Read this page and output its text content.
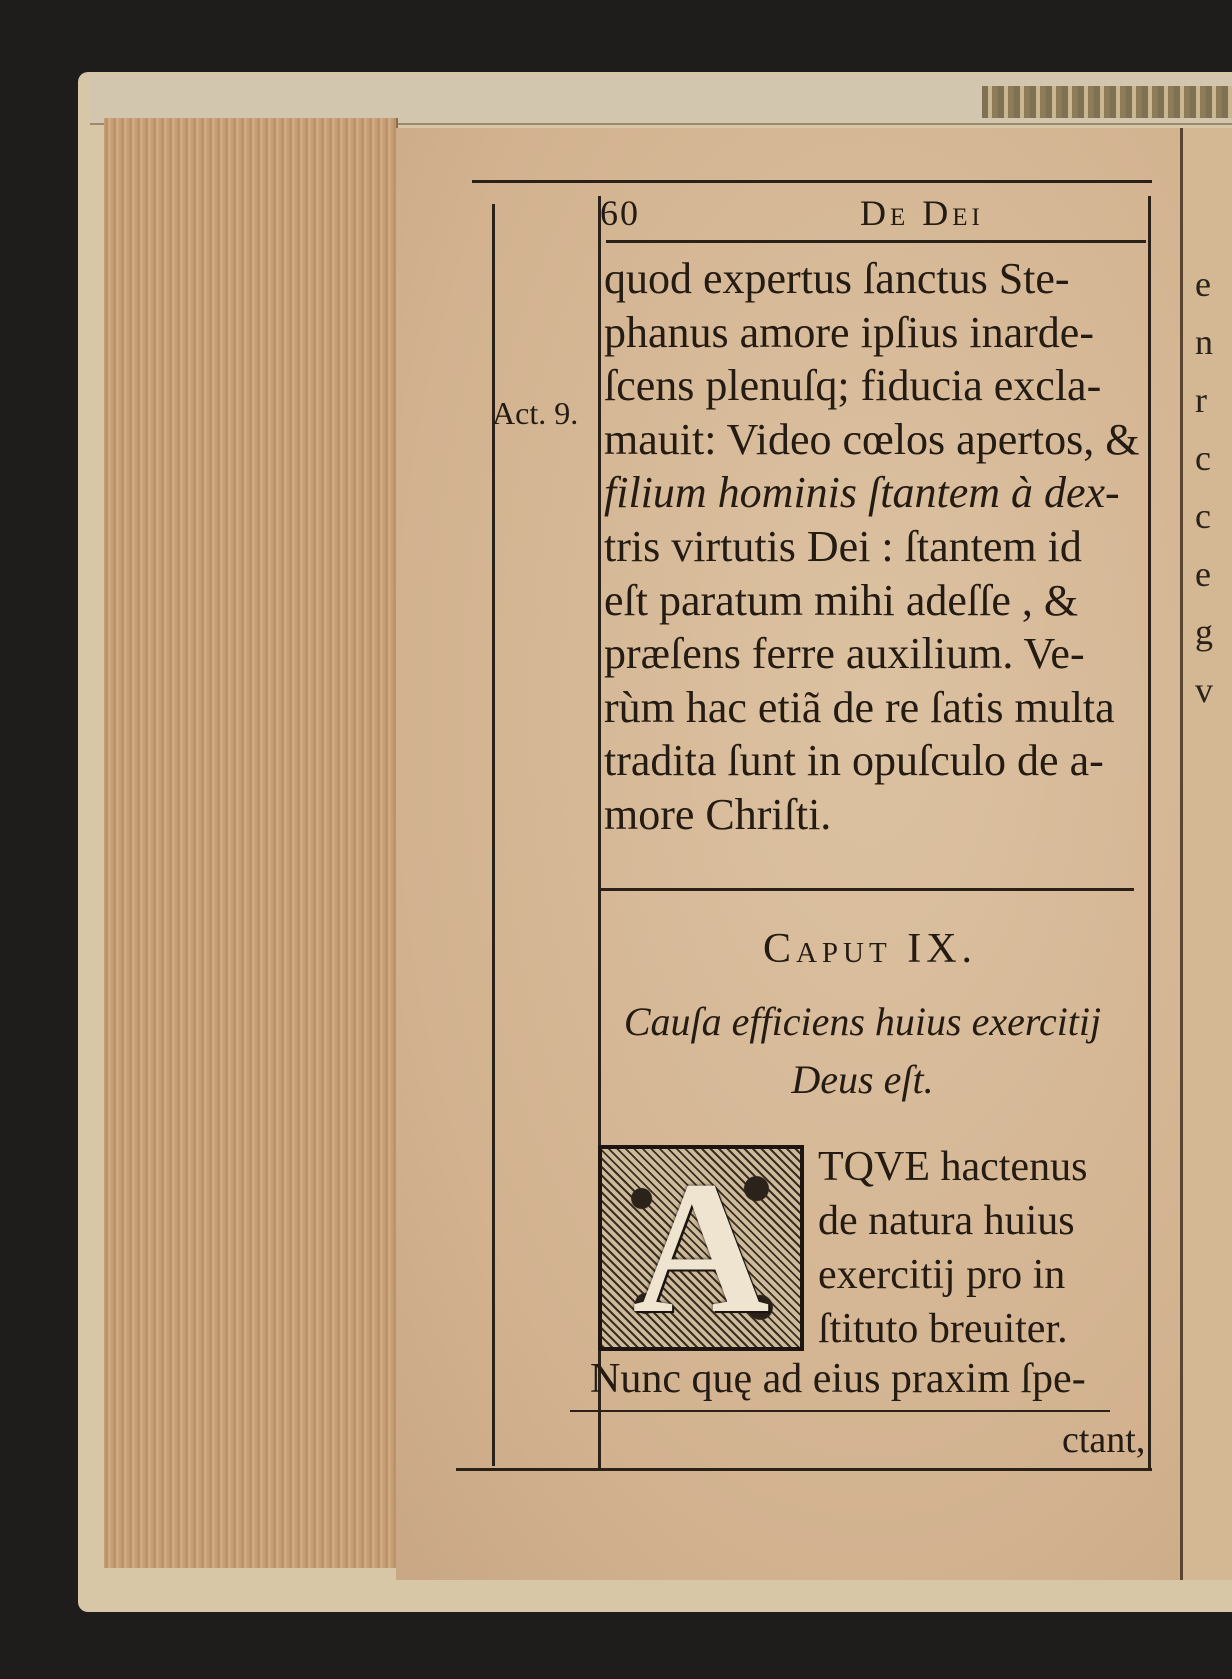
e
n
r
c
c
e
g
v
60	De Dei
Act. 9.
quod expertus ſanctus Ste-
phanus amore ipſius inarde-
ſcens plenuſq; fiducia excla-
mauit: Video cœlos apertos, &
filium hominis ſtantem à dex-
tris virtutis Dei : ſtantem id
eſt paratum mihi adeſſe , &
præſens ferre auxilium. Ve-
rùm hac etiã de re ſatis multa
tradita ſunt in opuſculo de a-
more Chriſti.
Caput IX.
Cauſa efficiens huius exercitij
Deus eſt.
A	TQVE hactenus
de natura huius
exercitij pro in
ſtituto breuiter.
Nunc quę ad eius praxim ſpe-
ctant,
